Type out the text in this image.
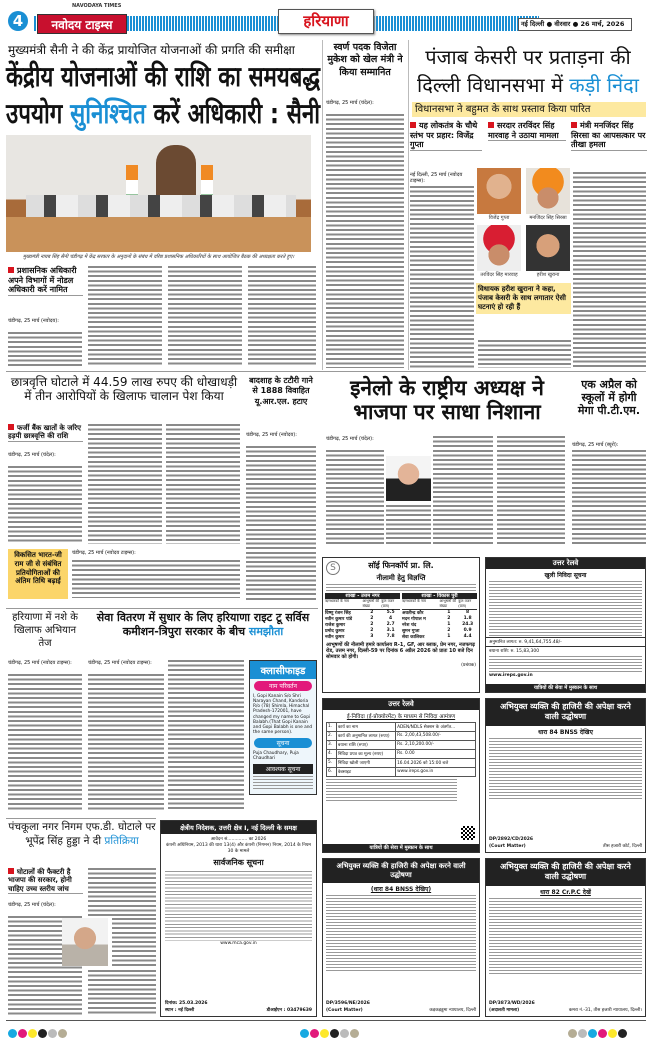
4
NAVODAYA TIMES
नवोदय टाइम्स	हरियाणा	नई दिल्ली ● वीरवार ● 26 मार्च, 2026
मुख्यमंत्री सैनी ने की केंद्र प्रायोजित योजनाओं की प्रगति की समीक्षा
केंद्रीय योजनाओं की राशि का समयबद्ध
उपयोग सुनिश्चित करें अधिकारी : सैनी
मुख्यमंत्री नायब सिंह सैनी चंडीगढ़ में केंद्र सरकार के अनुदानों के संबंध में वरिष्ठ प्रशासनिक अधिकारियों के साथ आयोजित बैठक की अध्यक्षता करते हुए।
प्रशासनिक अधिकारी अपने विभागों में नोडल अधिकारी करें नामित
चंडीगढ़, 25 मार्च (नवोदय):
स्वर्ण पदक विजेता मुकेश को खेल मंत्री ने किया सम्मानित
चंडीगढ़, 25 मार्च (चंदेल):
पंजाब केसरी पर प्रताड़ना की
दिल्ली विधानसभा में कड़ी निंदा
विधानसभा ने बहुमत के साथ प्रस्ताव किया पारित
यह लोकतंत्र के चौथे स्तंभ पर प्रहार: विजेंद्र गुप्ता
सरदार तरविंदर सिंह मारवाह ने उठाया मामला
मंत्री मनजिंदर सिंह सिरसा का आपसत्कार पर तीखा हमला
नई दिल्ली, 25 मार्च (नवोदय टाइम्स):
विजेंद्र गुप्ता	मनजिंदर सिंह सिरसा
तरविंदर सिंह मारवाह	हरीश खुराना
विधायक हरीश खुराना ने कहा, पंजाब केसरी के साथ लगातार ऐसी घटनाएं हो रही हैं
छात्रवृत्ति घोटाले में 44.59 लाख रुपए की धोखाधड़ी में तीन आरोपियों के खिलाफ चालान पेश किया
फर्जी बैंक खातों के जरिए हड़पी छात्रवृत्ति की राशि
चंडीगढ़, 25 मार्च (चंदेल):
बादशाह के टटौरी गाने से 1888 विवाहित यू.आर.एल. हटाए
चंडीगढ़, 25 मार्च (नवोदय):
इनेलो के राष्ट्रीय अध्यक्ष ने भाजपा पर साधा निशाना
चंडीगढ़, 25 मार्च (चंदेल):
एक अप्रैल को स्कूलों में होगी मेगा पी.टी.एम.
चंडीगढ़, 25 मार्च (ब्यूरो):
विकसित भारत-जी राम जी से संबंधित प्रतियोगिताओं की अंतिम तिथि बढ़ाई
चंडीगढ़, 25 मार्च (नवोदय टाइम्स):
हरियाणा में नशे के खिलाफ अभियान तेज
चंडीगढ़, 25 मार्च (नवोदय टाइम्स):
सेवा वितरण में सुधार के लिए हरियाणा राइट टू सर्विस कमीशन-त्रिपुरा सरकार के बीच समझौता
चंडीगढ़, 25 मार्च (नवोदय टाइम्स):
क्लासीफाइड
नाम परिवर्तन
I, Gopi Kanain S/o Shri Narayan Chand, Kandoria R/o (78) Shimla, Himachal Pradesh-172001, have changed my name to Gopi Balabh.(That Gopi Kanain and Gopi Balabh is one and the same person).
सूचना
Puja Chaudhary, Puja Chaudhari
आवश्यक सूचना
पंचकूला नगर निगम एफ.डी. घोटाले पर भूपेंद्र सिंह हुड्डा ने दी प्रतिक्रिया
घोटालों की फैक्टरी है भाजपा की सरकार, होनी चाहिए उच्च स्तरीय जांच
चंडीगढ़, 25 मार्च (चंदेल):
क्षेत्रीय निदेशक, उत्तरी क्षेत्र I, नई दिल्ली के समक्ष
आवेदन सं.............. का 2026
कंपनी अधिनियम, 2013 की धारा 13(4) और कंपनी (निगमन) नियम, 2014 के नियम 30 के मामले
सार्वजनिक सूचना
www.mca.gov.in
दिनांक: 25.03.2026
स्थान : नई दिल्ली	डीआईएन : 03479639
S	सॉई फिनकॉर्प प्रा. लि.
नीलामी हेतु विज्ञप्ति
शाखा - उत्तम नगर
ऋणधारकों के नाम	आभूषणों की संख्या
कुल वजन (ग्राम)
विष्णु रंजन सिंह	2	5.5
नवीन कुमार पांडे	2	4
राजेश कुमार	2	2.7
प्रमोद कुमार	2	3.1
नवीन कुमार	3	7.8
शाखा - विकास पुरी
ऋणधारकों के नाम	आभूषणों की संख्या
कुल वजन (ग्राम)
अवतीन्द्र कौर	1	8
मदन गोपाल म	2	1.8
नरेश चंद	1	24.3
सुमन गुप्ता	2	0.9
सेवा कालिकर	1	4.4
आभूषणों की नीलामी हमारे कार्यालय R-1, GF, आर ब्लाक, प्रेम नगर, नजफगढ़ रोड, उत्तम नगर, दिल्ली-59 पर दिनांक 6 अप्रैल 2026 को प्रातः 10 बजे दिन सोमवार को होगी।
(प्रबंधक)
उत्तर रेलवे
खुली निविदा सूचना
अनुमानित लागत: रु. 9,41,64,755.48/-
बयाना राशि: रु. 15,83,300
www.ireps.gov.in
यात्रियों की सेवा में मुस्कान के साथ
उत्तर रेलवे
ई-निविदा (ई-प्रोक्योरमेंट) के माध्यम से निविदा आमंत्रण
1.	कार्य का नाम	ADEN/NDLS सेक्शन के अंतर्गत...
2.	कार्य की अनुमानित लागत (रुपए)	Rs. 2,00,43,508.00/-
3.	बयाना राशि (रुपए)	Rs. 2,10,200.00/-
4.	निविदा प्रपत्र का मूल्य (रुपए)	Rs. 0.00
5.	निविदा खोली जाएगी	16.04.2026 को 15:00 बजे
6.	वेबसाइट	www.ireps.gov.in
यात्रियों की सेवा में मुस्कान के साथ
अभियुक्त व्यक्ति की हाजिरी की अपेक्षा करने वाली उद्घोषणा
धारा 84 BNSS देखिए
DP/2892/CD/2026
(Court Matter)	तीस हजारी कोर्ट, दिल्ली
अभियुक्त व्यक्ति की हाजिरी की अपेक्षा करने वाली उद्घोषणा
(धारा 84 BNSS देखिए)
DP/3596/NE/2026
(Court Matter)	कड़कड़डूमा न्यायालय, दिल्ली
अभियुक्त व्यक्ति की हाजिरी की अपेक्षा करने वाली उद्घोषणा
धारा 82 Cr.P.C देखें
DP/3873/WD/2026
(अदालती मामला)	कमरा नं.-31, तीस हजारी न्यायालय, दिल्ली।
